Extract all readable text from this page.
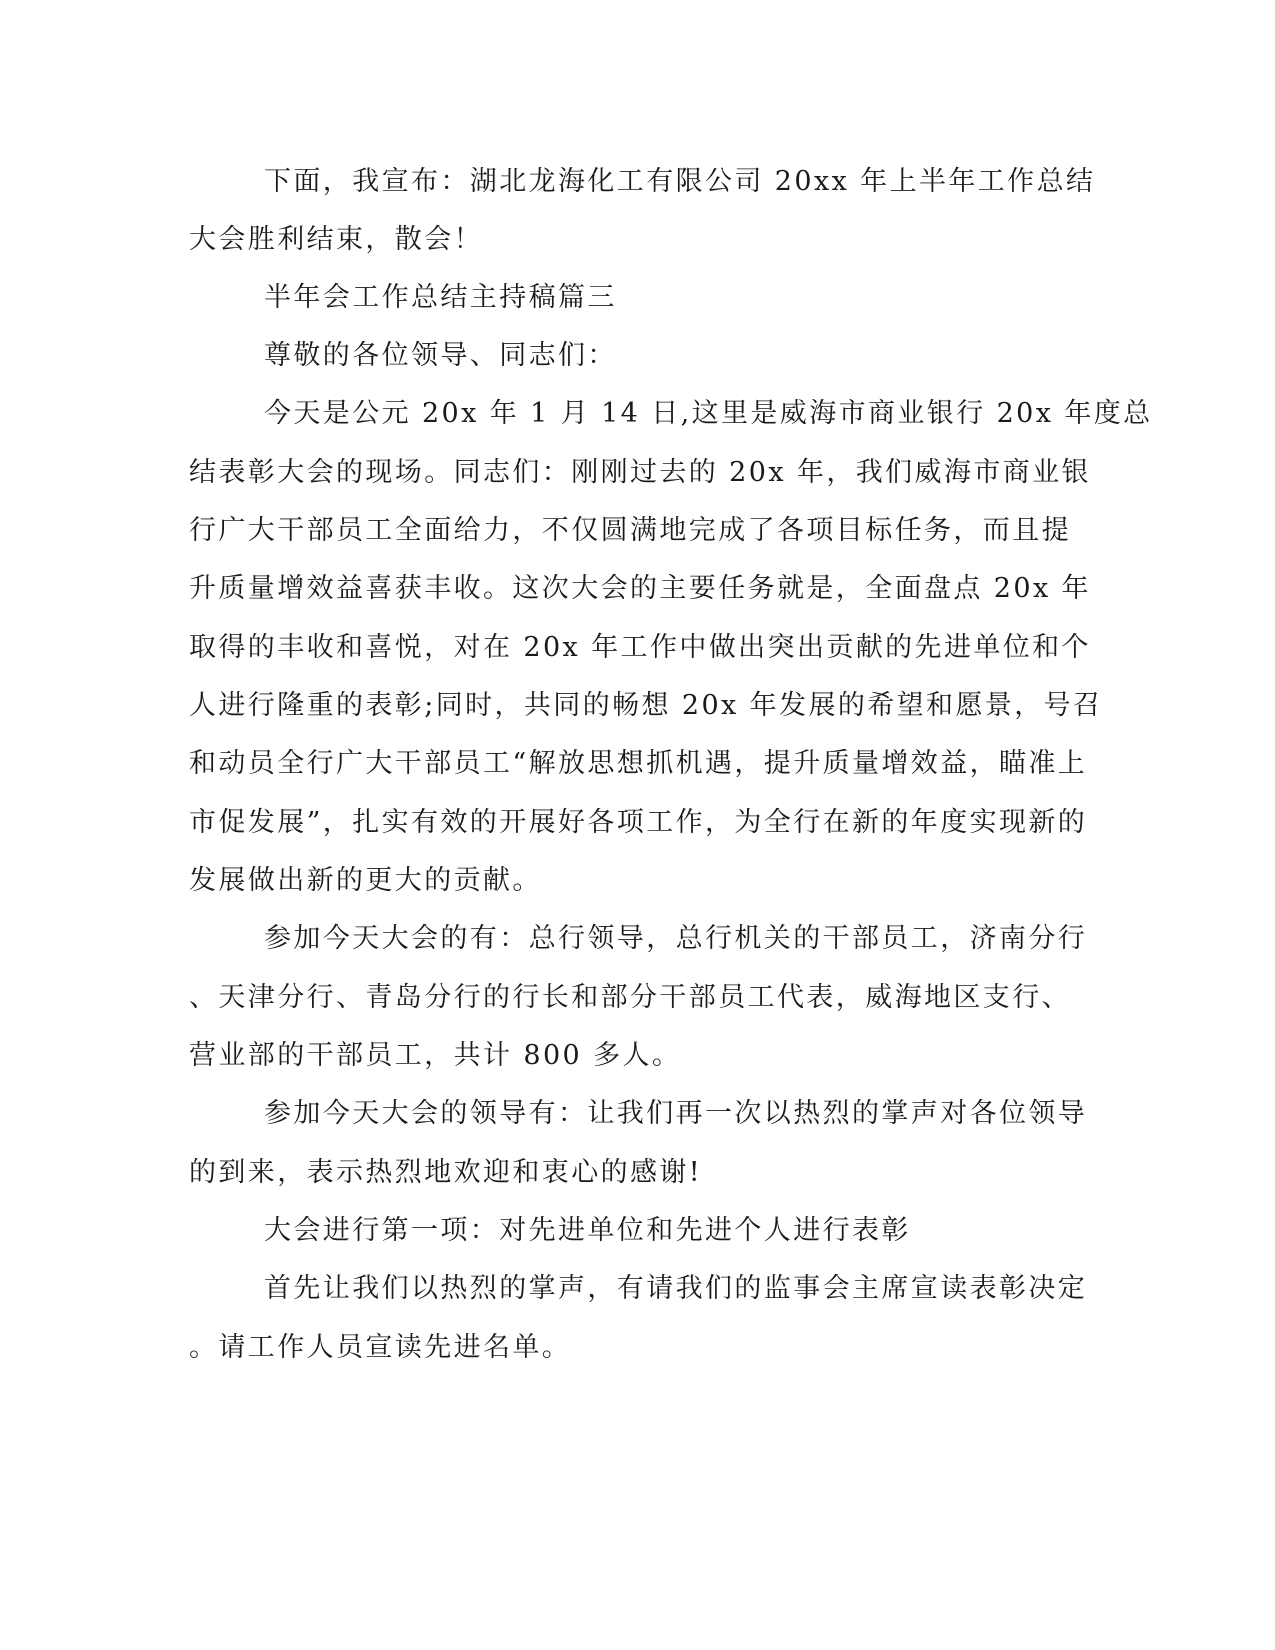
下面，我宣布：湖北龙海化工有限公司 20xx 年上半年工作总结
大会胜利结束，散会！
半年会工作总结主持稿篇三
尊敬的各位领导、同志们：
今天是公元 20x 年 1 月 14 日,这里是威海市商业银行 20x 年度总
结表彰大会的现场。同志们：刚刚过去的 20x 年，我们威海市商业银
行广大干部员工全面给力，不仅圆满地完成了各项目标任务，而且提
升质量增效益喜获丰收。这次大会的主要任务就是，全面盘点 20x 年
取得的丰收和喜悦，对在 20x 年工作中做出突出贡献的先进单位和个
人进行隆重的表彰;同时，共同的畅想 20x 年发展的希望和愿景，号召
和动员全行广大干部员工“解放思想抓机遇，提升质量增效益，瞄准上
市促发展”，扎实有效的开展好各项工作，为全行在新的年度实现新的
发展做出新的更大的贡献。
参加今天大会的有：总行领导，总行机关的干部员工，济南分行
、天津分行、青岛分行的行长和部分干部员工代表，威海地区支行、
营业部的干部员工，共计 800 多人。
参加今天大会的领导有：让我们再一次以热烈的掌声对各位领导
的到来，表示热烈地欢迎和衷心的感谢!
大会进行第一项：对先进单位和先进个人进行表彰
首先让我们以热烈的掌声，有请我们的监事会主席宣读表彰决定
。请工作人员宣读先进名单。
